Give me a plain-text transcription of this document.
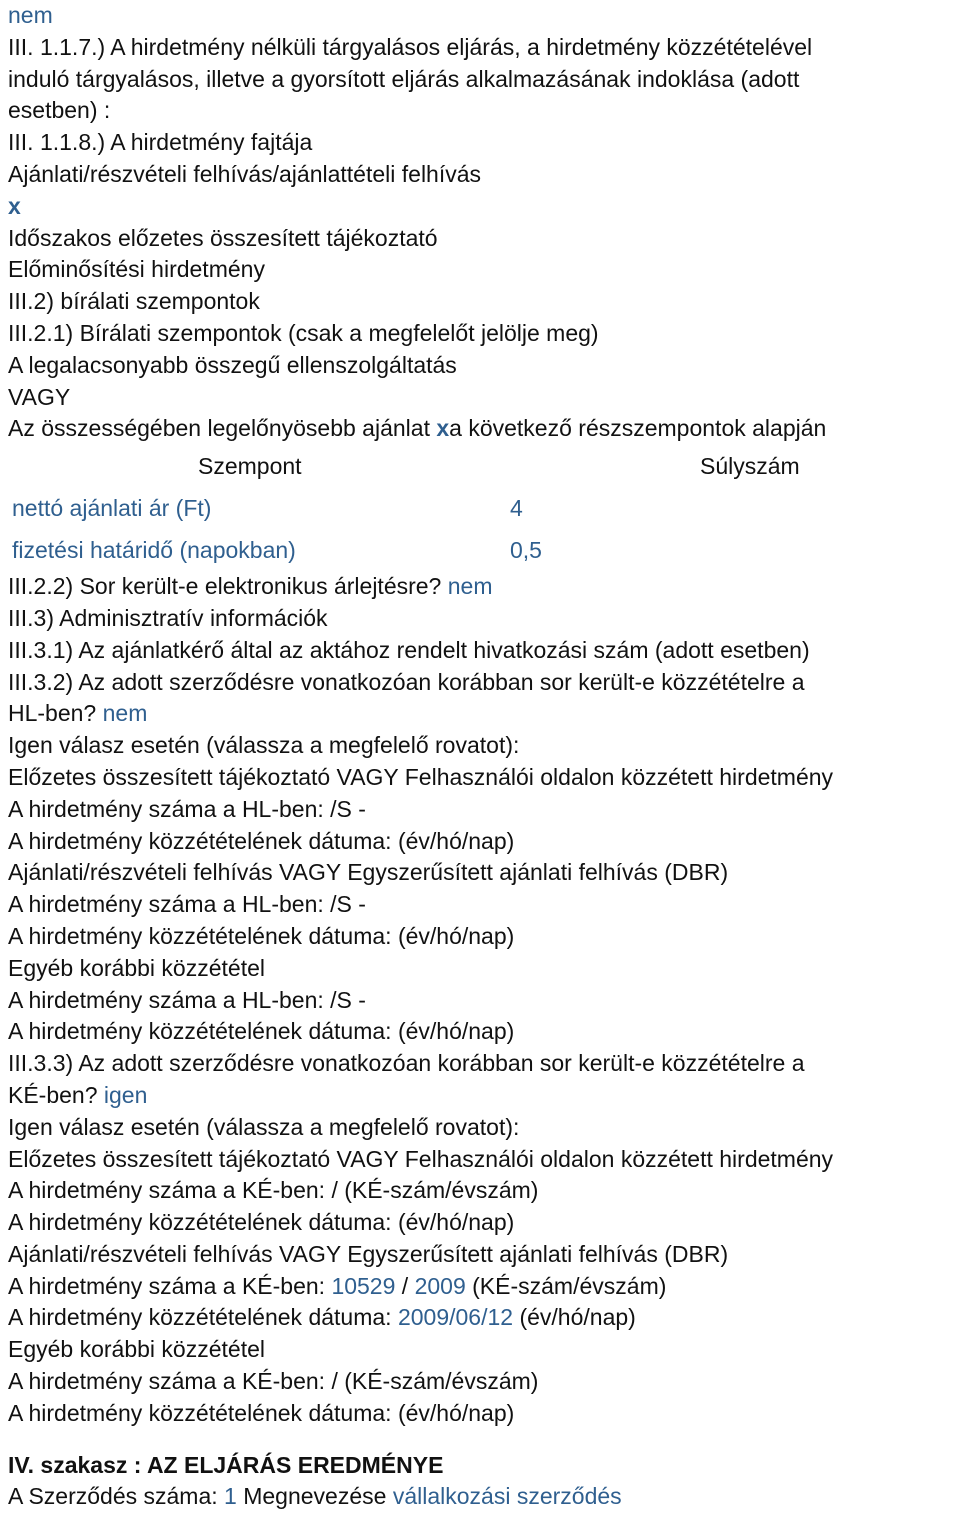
nem
III. 1.1.7.) A hirdetmény nélküli tárgyalásos eljárás, a hirdetmény közzétételével
induló tárgyalásos, illetve a gyorsított eljárás alkalmazásának indoklása (adott
esetben) :
III. 1.1.8.) A hirdetmény fajtája
Ajánlati/részvételi felhívás/ajánlattételi felhívás
x
Időszakos előzetes összesített tájékoztató
Előminősítési hirdetmény
III.2) bírálati szempontok
III.2.1) Bírálati szempontok (csak a megfelelőt jelölje meg)
A legalacsonyabb összegű ellenszolgáltatás
VAGY
Az összességében legelőnyösebb ajánlat xa következő részszempontok alapján
Szempont	Súlyszám
nettó ajánlati ár (Ft)	4
fizetési határidő (napokban)	0,5
III.2.2) Sor került-e elektronikus árlejtésre? nem
III.3) Adminisztratív információk
III.3.1) Az ajánlatkérő által az aktához rendelt hivatkozási szám (adott esetben)
III.3.2) Az adott szerződésre vonatkozóan korábban sor került-e közzétételre a
HL-ben? nem
Igen válasz esetén (válassza a megfelelő rovatot):
Előzetes összesített tájékoztató VAGY Felhasználói oldalon közzétett hirdetmény
A hirdetmény száma a HL-ben: /S -
A hirdetmény közzétételének dátuma: (év/hó/nap)
Ajánlati/részvételi felhívás VAGY Egyszerűsített ajánlati felhívás (DBR)
A hirdetmény száma a HL-ben: /S -
A hirdetmény közzétételének dátuma: (év/hó/nap)
Egyéb korábbi közzététel
A hirdetmény száma a HL-ben: /S -
A hirdetmény közzétételének dátuma: (év/hó/nap)
III.3.3) Az adott szerződésre vonatkozóan korábban sor került-e közzétételre a
KÉ-ben? igen
Igen válasz esetén (válassza a megfelelő rovatot):
Előzetes összesített tájékoztató VAGY Felhasználói oldalon közzétett hirdetmény
A hirdetmény száma a KÉ-ben: / (KÉ-szám/évszám)
A hirdetmény közzétételének dátuma: (év/hó/nap)
Ajánlati/részvételi felhívás VAGY Egyszerűsített ajánlati felhívás (DBR)
A hirdetmény száma a KÉ-ben: 10529 / 2009 (KÉ-szám/évszám)
A hirdetmény közzétételének dátuma: 2009/06/12 (év/hó/nap)
Egyéb korábbi közzététel
A hirdetmény száma a KÉ-ben: / (KÉ-szám/évszám)
A hirdetmény közzétételének dátuma: (év/hó/nap)
IV. szakasz : AZ ELJÁRÁS EREDMÉNYE
A Szerződés száma: 1 Megnevezése vállalkozási szerződés
